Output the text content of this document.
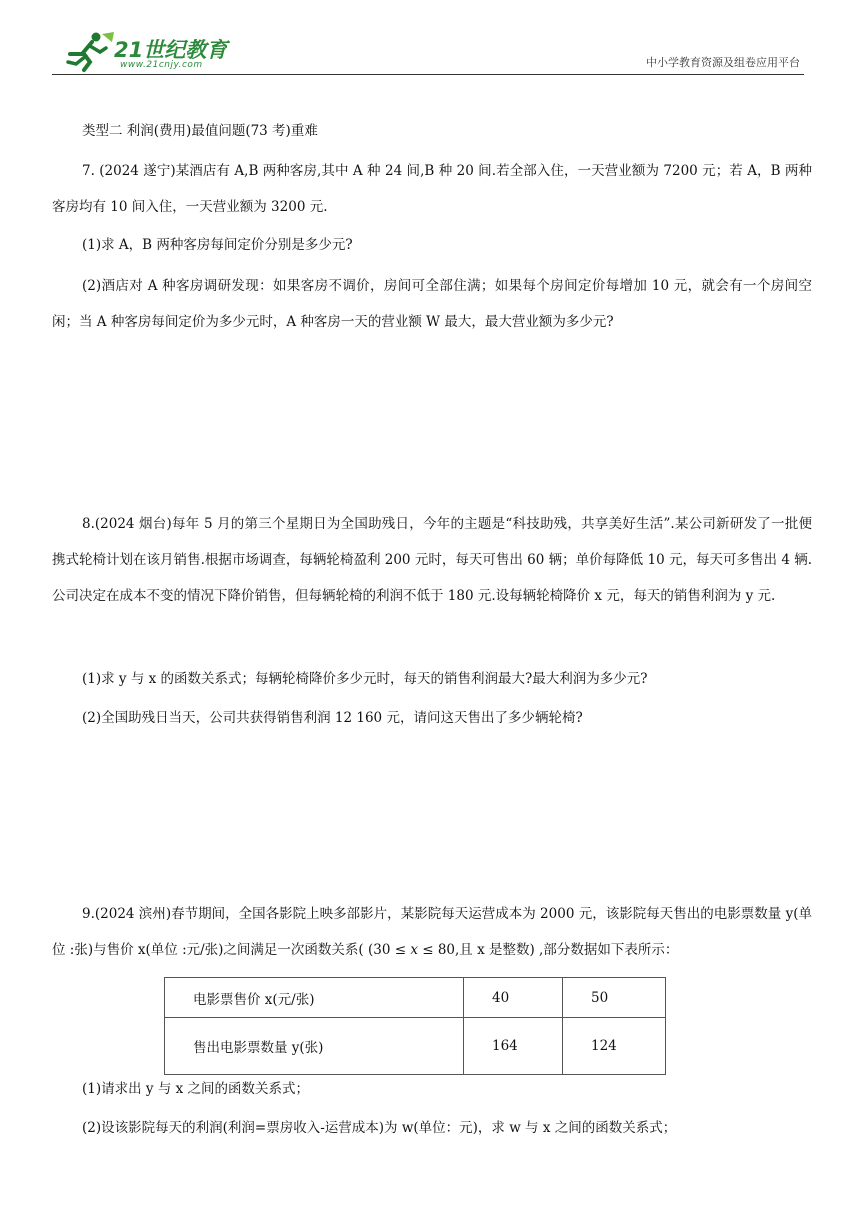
21世纪教育
www.21cnjy.com	中小学教育资源及组卷应用平台
类型二 利润(费用)最值问题(73 考)重难

7. (2024 遂宁)某酒店有 A,B 两种客房,其中 A 种 24 间,B 种 20 间.若全部入住，一天营业额为 7200 元；若 A，B 两种客房均有 10 间入住，一天营业额为 3200 元.

(1)求 A，B 两种客房每间定价分别是多少元?

(2)酒店对 A 种客房调研发现：如果客房不调价，房间可全部住满；如果每个房间定价每增加 10 元，就会有一个房间空闲；当 A 种客房每间定价为多少元时，A 种客房一天的营业额 W 最大，最大营业额为多少元?

8.(2024 烟台)每年 5 月的第三个星期日为全国助残日，今年的主题是“科技助残，共享美好生活”.某公司新研发了一批便携式轮椅计划在该月销售.根据市场调查，每辆轮椅盈利 200 元时，每天可售出 60 辆；单价每降低 10 元，每天可多售出 4 辆.公司决定在成本不变的情况下降价销售，但每辆轮椅的利润不低于 180 元.设每辆轮椅降价 x 元，每天的销售利润为 y 元.

(1)求 y 与 x 的函数关系式；每辆轮椅降价多少元时，每天的销售利润最大?最大利润为多少元?

(2)全国助残日当天，公司共获得销售利润 12 160 元，请问这天售出了多少辆轮椅?

9.(2024 滨州)春节期间，全国各影院上映多部影片，某影院每天运营成本为 2000 元，该影院每天售出的电影票数量 y(单位 :张)与售价 x(单位 :元/张)之间满足一次函数关系( (30 ≤ 𝑥 ≤ 80,且 x 是整数) ,部分数据如下表所示：

电影票售价 x(元/张)	40	50
售出电影票数量 y(张)	164	124
(1)请求出 y 与 x 之间的函数关系式；
(2)设该影院每天的利润(利润=票房收入-运营成本)为 w(单位：元)，求 w 与 x 之间的函数关系式；
